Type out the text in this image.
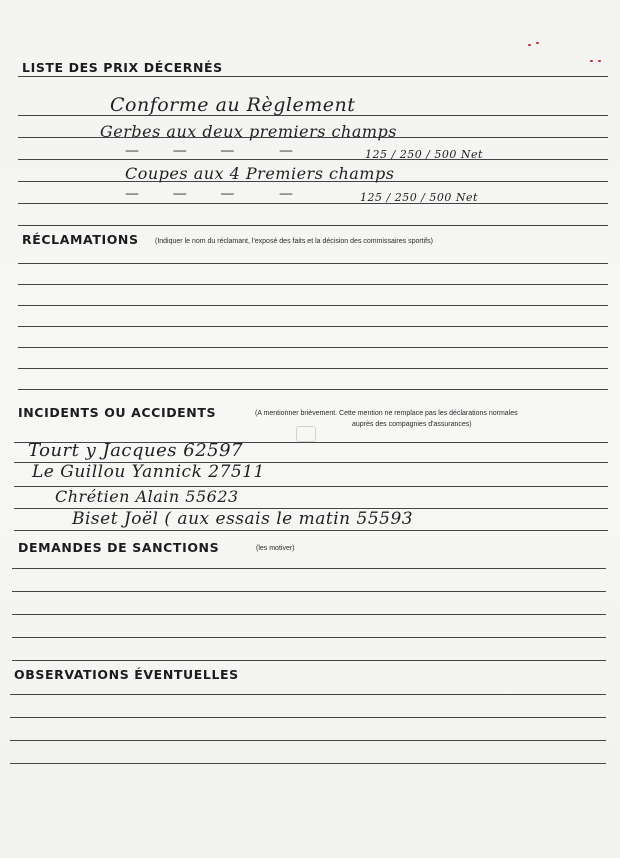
LISTE DES PRIX DÉCERNÉS
Conforme au Règlement
Gerbes aux deux premiers champs
—      —      —        —	125 / 250 / 500 Net
Coupes aux 4 Premiers champs
—      —      —        —	125 / 250 / 500 Net
RÉCLAMATIONS (Indiquer le nom du réclamant, l'exposé des faits et la décision des commissaires sportifs)
INCIDENTS OU ACCIDENTS	(A mentionner brièvement. Cette mention ne remplace pas les déclarations normales
auprès des compagnies d'assurances)
Tourt y Jacques 62597
Le Guillou Yannick 27511
Chrétien Alain 55623
Biset Joël ( aux essais le matin 55593
DEMANDES DE SANCTIONS	(les motiver)
OBSERVATIONS ÉVENTUELLES
